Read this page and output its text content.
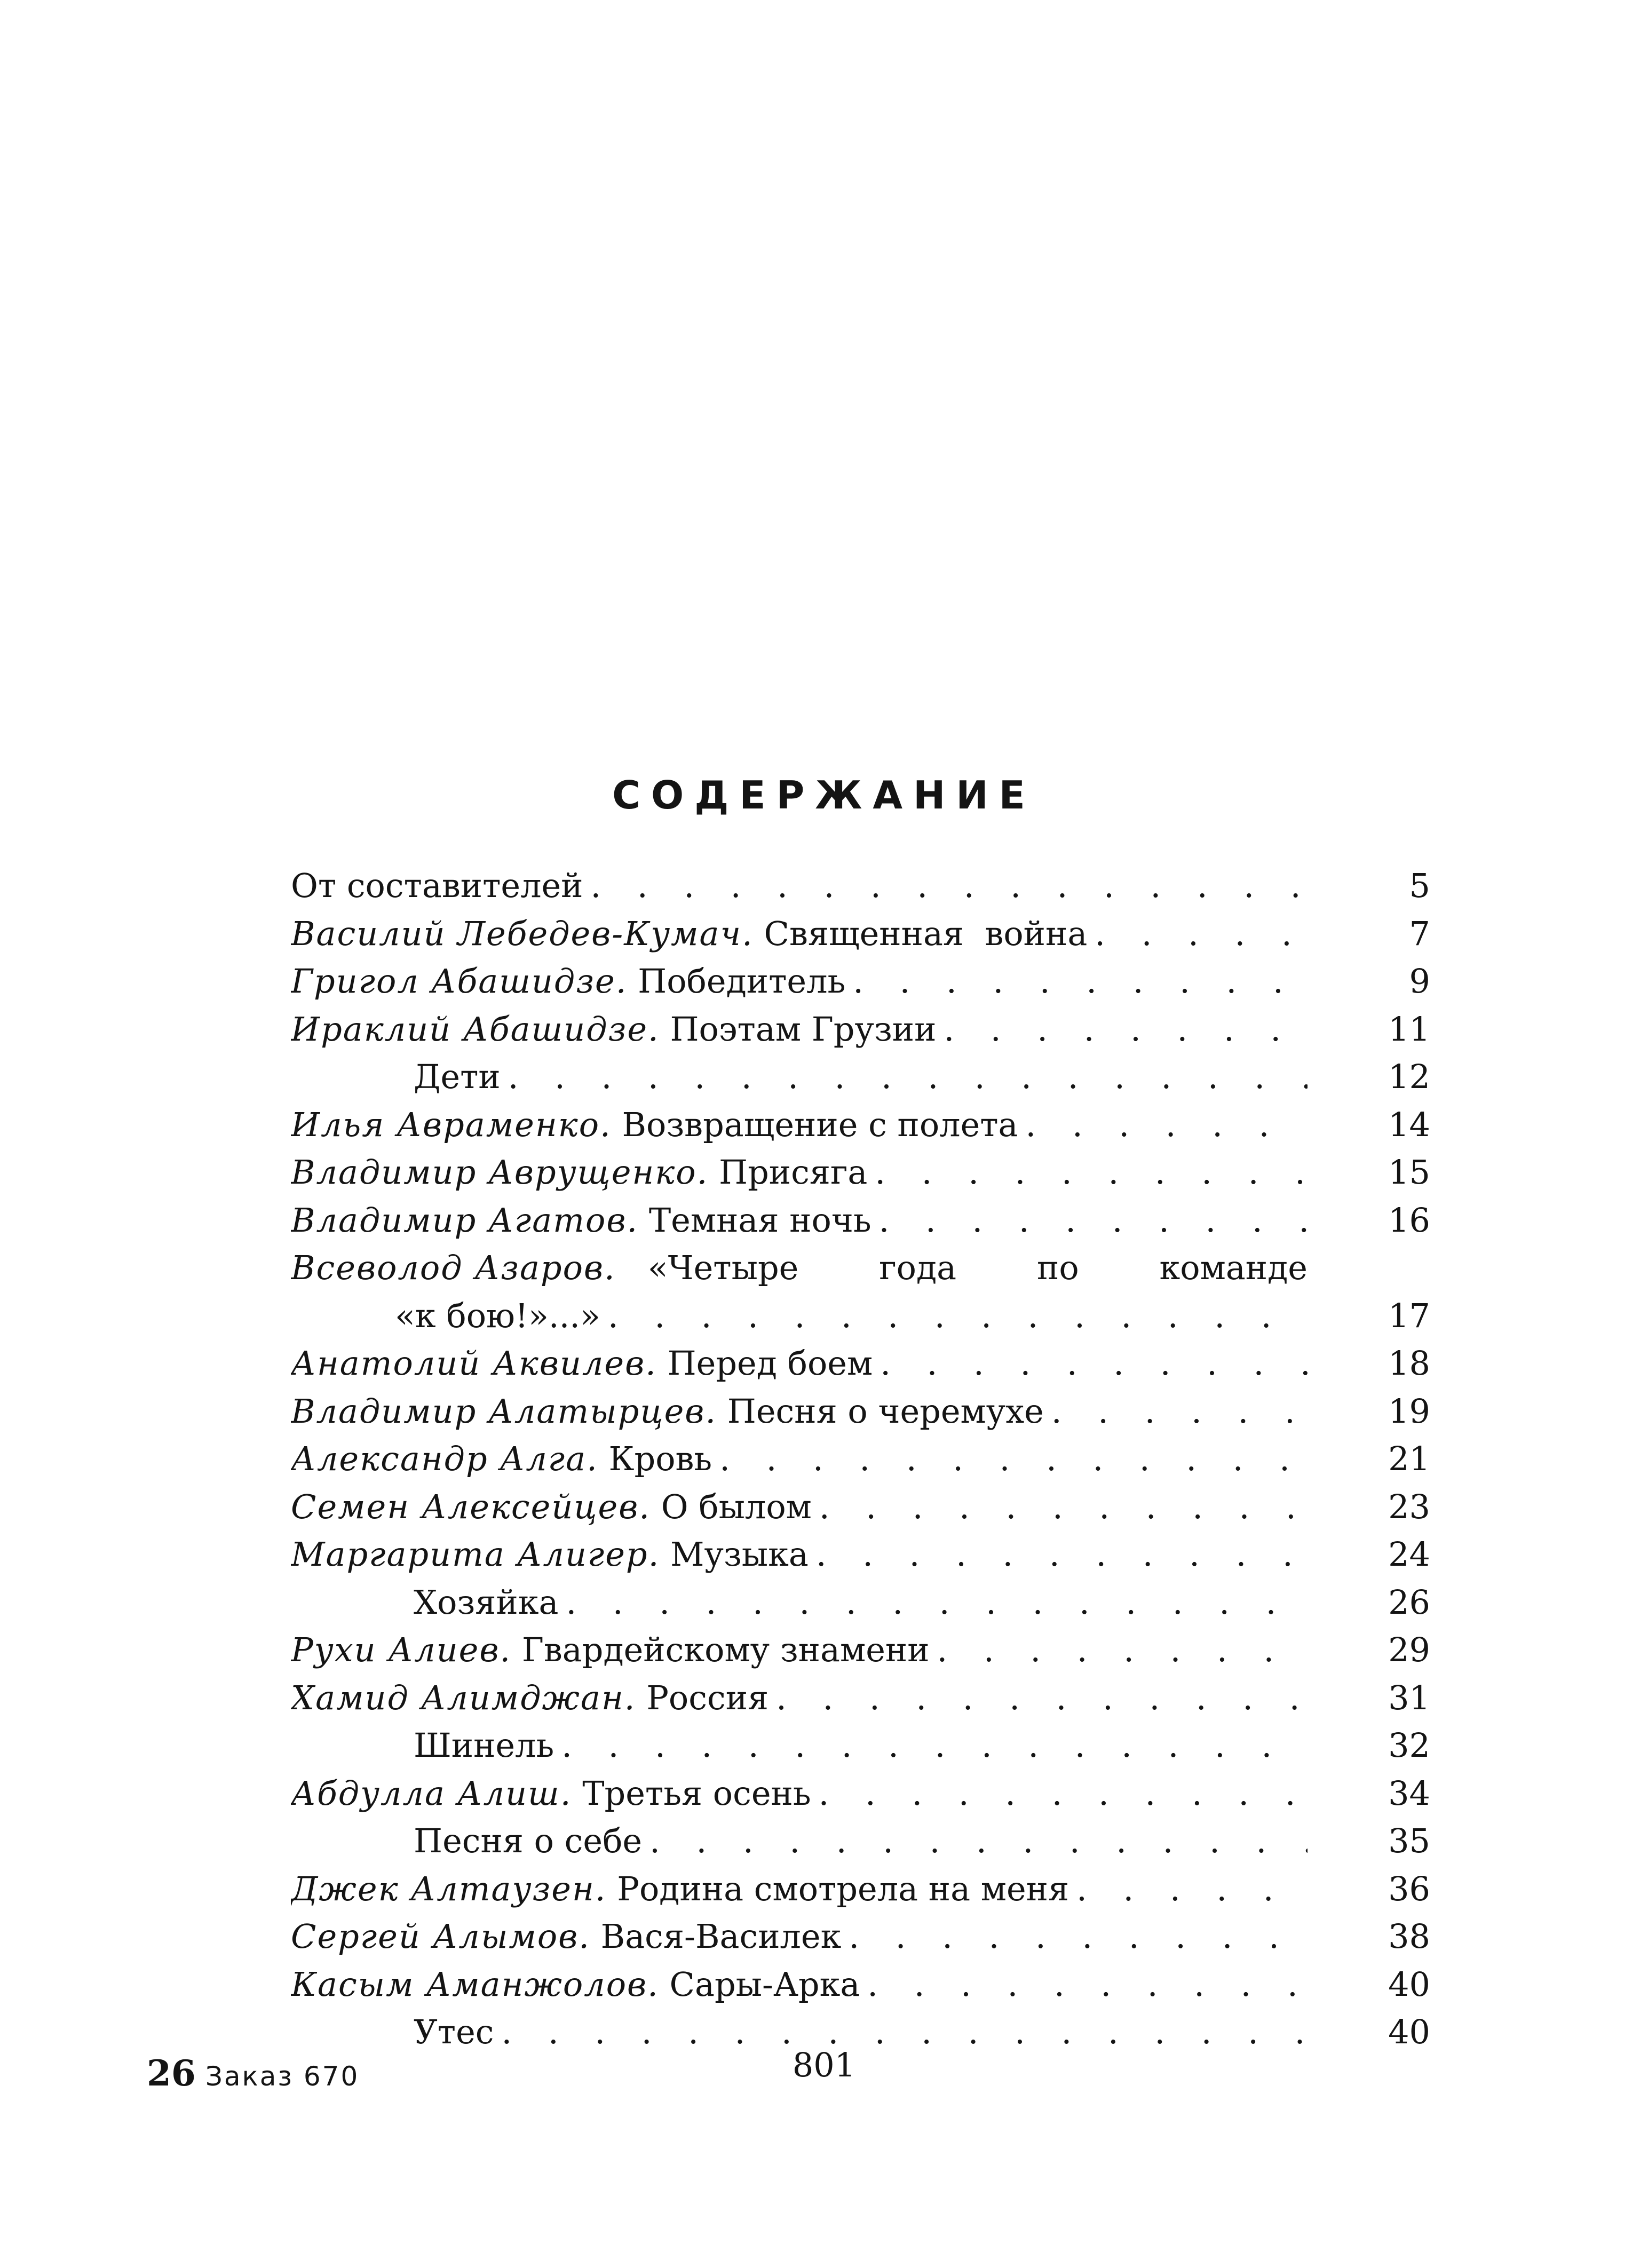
СОДЕРЖАНИЕ
От составителей . . .	5
Василий Лебедев-Кумач. Священная  война . . .	7
Григол Абашидзе. Победитель . . .	9
Ираклий Абашидзе. Поэтам Грузии . . .	11
Дети . . .	12
Илья Авраменко. Возвращение с полета . . .	14
Владимир Аврущенко. Присяга . . .	15
Владимир Агатов. Темная ночь . . .	16
Всеволод Азаров. «Четыре года по команде
«к бою!»...» . . .	17
Анатолий Аквилев. Перед боем . . .	18
Владимир Алатырцев. Песня о черемухе . . .	19
Александр Алга. Кровь . . .	21
Семен Алексейцев. О былом . . .	23
Маргарита Алигер. Музыка . . .	24
Хозяйка . . .	26
Рухи Алиев. Гвардейскому знамени . . .	29
Хамид Алимджан. Россия . . .	31
Шинель . . .	32
Абдулла Алиш. Третья осень . . .	34
Песня о себе . . .	35
Джек Алтаузен. Родина смотрела на меня . . .	36
Сергей Алымов. Вася-Василек . . .	38
Касым Аманжолов. Сары-Арка . . .	40
Утес . . .	40
26 Заказ 670	801
